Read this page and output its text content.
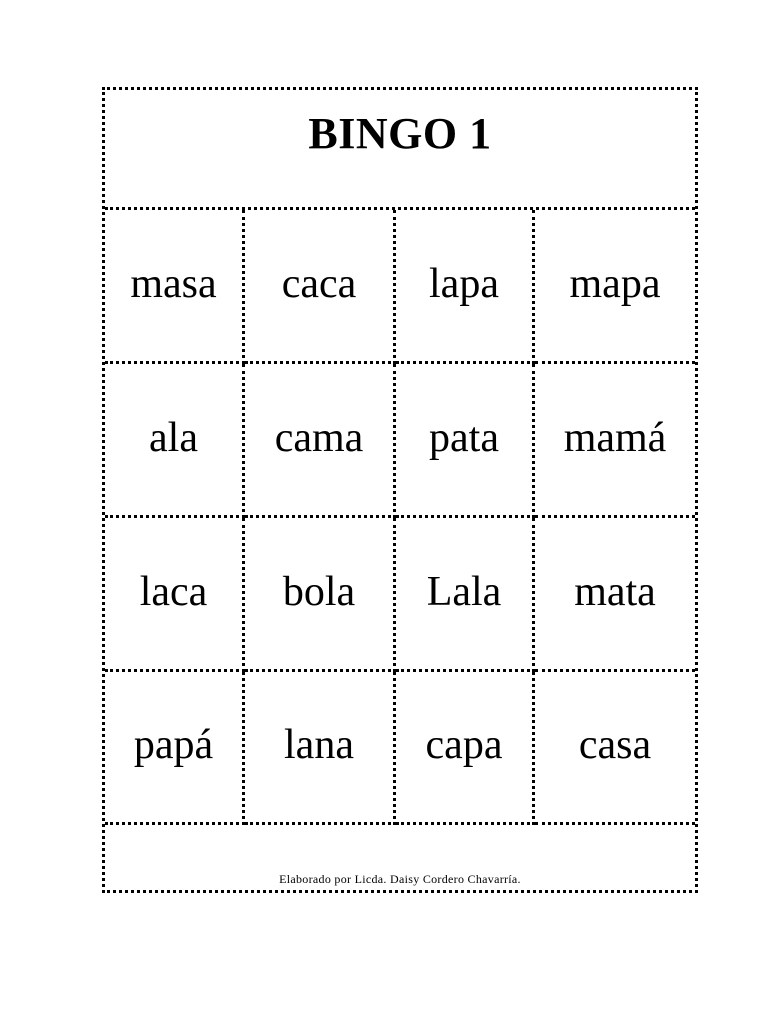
BINGO 1
masa	caca	lapa	mapa
ala	cama	pata	mamá
laca	bola	Lala	mata
papá	lana	capa	casa
Elaborado por Licda. Daisy Cordero Chavarría.
